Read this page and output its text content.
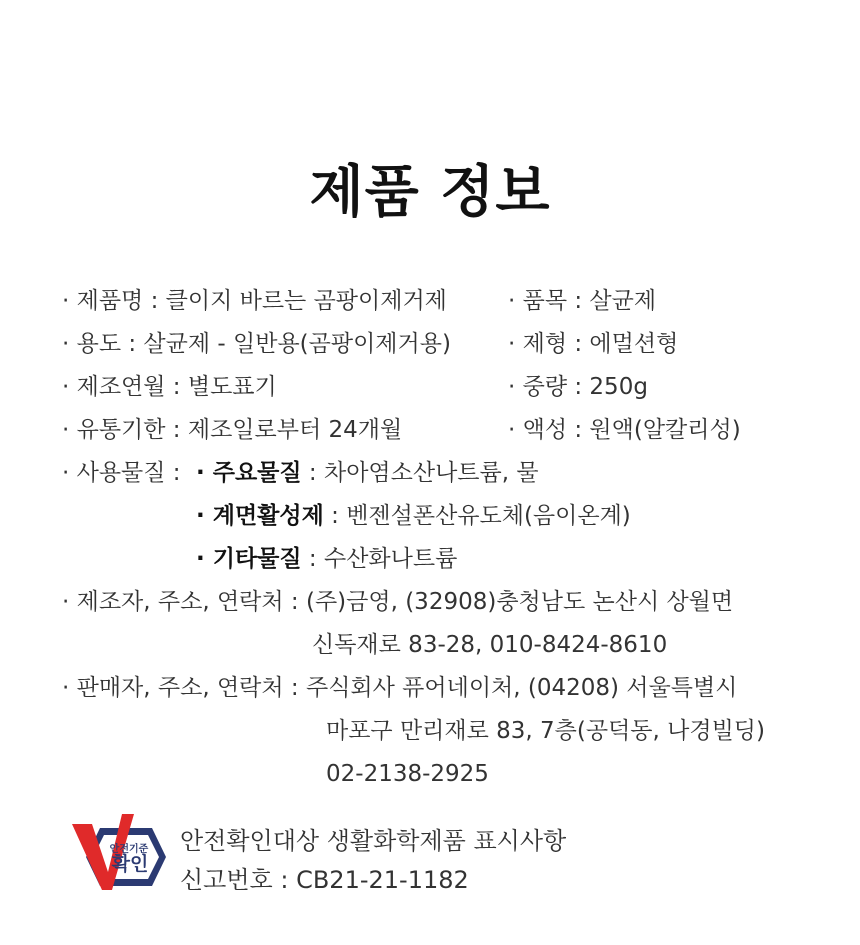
제품 정보
· 제품명 : 클이지 바르는 곰팡이제거제
· 용도 : 살균제 - 일반용(곰팡이제거용)
· 제조연월 : 별도표기
· 유통기한 : 제조일로부터 24개월
· 사용물질 : · 주요물질 : 차아염소산나트륨, 물
· 계면활성제 : 벤젠설폰산유도체(음이온계)
· 기타물질 : 수산화나트륨
· 품목 : 살균제
· 제형 : 에멀션형
· 중량 : 250g
· 액성 : 원액(알칼리성)
· 제조자, 주소, 연락처 : (주)금영, (32908)충청남도 논산시 상월면
신독재로 83-28, 010-8424-8610
· 판매자, 주소, 연락처 : 주식회사 퓨어네이처, (04208) 서울특별시
마포구 만리재로 83, 7층(공덕동, 나경빌딩)
02-2138-2925
안전기준
확인
안전확인대상 생활화학제품 표시사항
신고번호 : CB21-21-1182
